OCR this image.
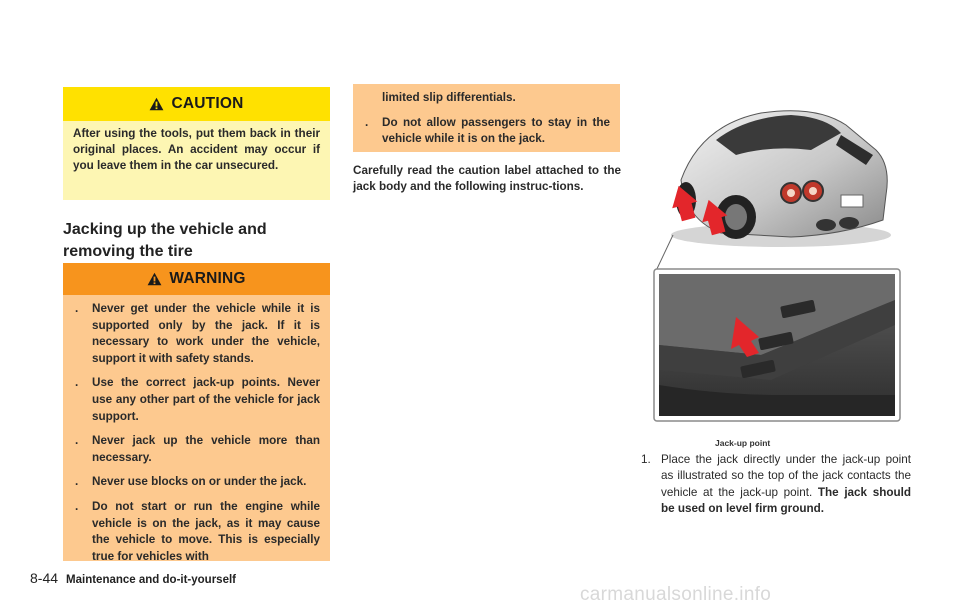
CAUTION
After using the tools, put them back in their original places. An accident may occur if you leave them in the car unsecured.
Jacking up the vehicle and removing the tire
WARNING
.	Never get under the vehicle while it is supported only by the jack. If it is necessary to work under the vehicle, support it with safety stands.
.	Use the correct jack-up points. Never use any other part of the vehicle for jack support.
.	Never jack up the vehicle more than necessary.
.	Never use blocks on or under the jack.
.	Do not start or run the engine while vehicle is on the jack, as it may cause the vehicle to move. This is especially true for vehicles with
limited slip differentials.
.	Do not allow passengers to stay in the vehicle while it is on the jack.
Carefully read the caution label attached to the jack body and the following instruc-tions.
Jack-up point
1. Place the jack directly under the jack-up point as illustrated so the top of the jack contacts the vehicle at the jack-up point. The jack should be used on level firm ground.
8-44 Maintenance and do-it-yourself
carmanualsonline.info
